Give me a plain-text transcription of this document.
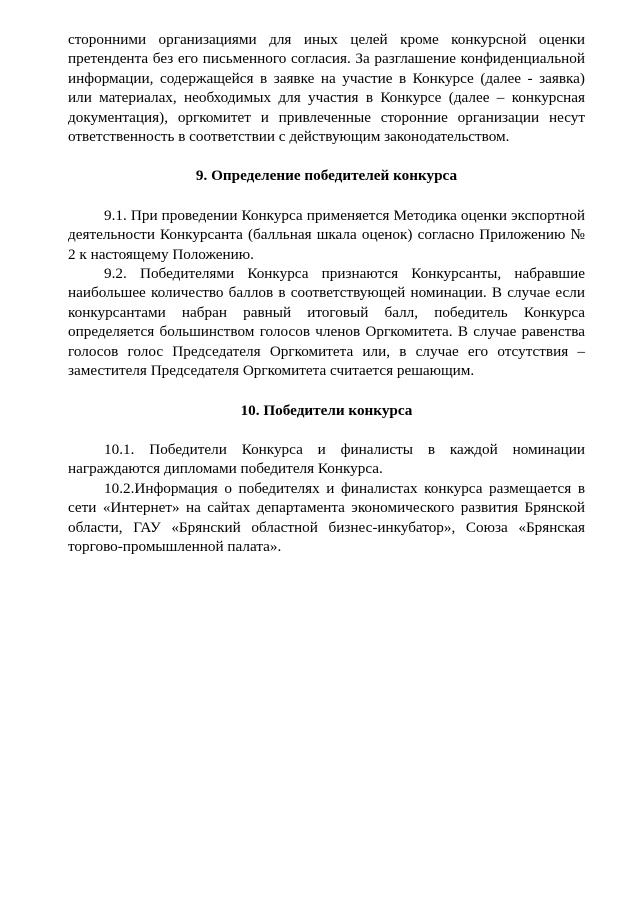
сторонними организациями для иных целей кроме конкурсной оценки претендента без его письменного согласия. За разглашение конфиденциальной информации, содержащейся в заявке на участие в Конкурсе (далее - заявка) или материалах, необходимых для участия в Конкурсе (далее – конкурсная документация), оргкомитет и привлеченные сторонние организации несут ответственность в соответствии с действующим законодательством.

9. Определение победителей конкурса

9.1. При проведении Конкурса применяется Методика оценки экспортной деятельности Конкурсанта (балльная шкала оценок) согласно Приложению № 2 к настоящему Положению.

9.2. Победителями Конкурса признаются Конкурсанты, набравшие наибольшее количество баллов в соответствующей номинации. В случае если конкурсантами набран равный итоговый балл, победитель Конкурса определяется большинством голосов членов Оргкомитета. В случае равенства голосов голос Председателя Оргкомитета или, в случае его отсутствия – заместителя Председателя Оргкомитета считается решающим.

10. Победители конкурса

10.1. Победители Конкурса и финалисты в каждой номинации награждаются дипломами победителя Конкурса.

10.2.Информация о победителях и финалистах конкурса размещается в сети «Интернет» на сайтах департамента экономического развития Брянской области, ГАУ «Брянский областной бизнес-инкубатор», Союза «Брянская торгово-промышленной палата».
